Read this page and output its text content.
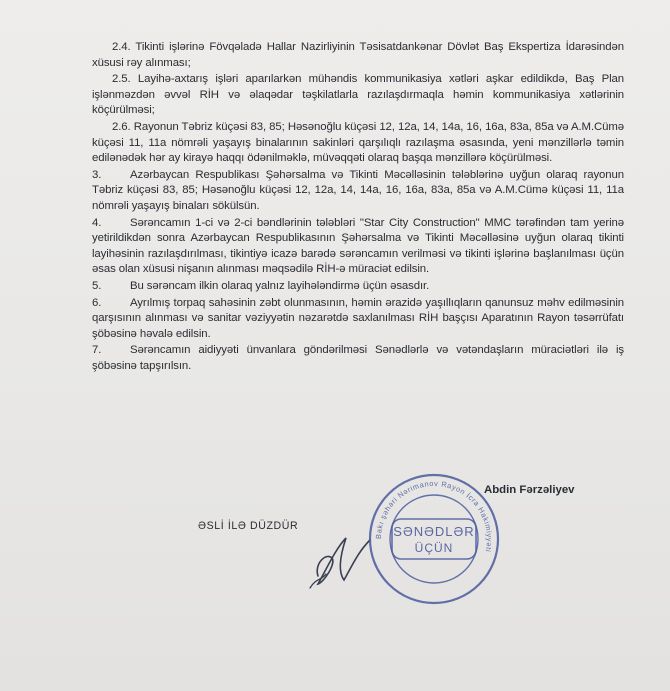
2.4. Tikinti işlərinə Fövqəladə Hallar Nazirliyinin Təsisatdankənar Dövlət Baş Ekspertiza İdarəsindən xüsusi rəy alınması;

2.5. Layihə-axtarış işləri aparılarkən mühəndis kommunikasiya xətləri aşkar edildikdə, Baş Plan işlənməzdən əvvəl RİH və əlaqədar təşkilatlarla razılaşdırmaqla həmin kommunikasiya xətlərinin köçürülməsi;

2.6. Rayonun Təbriz küçəsi 83, 85; Həsənoğlu küçəsi 12, 12a, 14, 14a, 16, 16a, 83a, 85a və A.M.Cümə küçəsi 11, 11a nömrəli yaşayış binalarının sakinləri qarşılıqlı razılaşma əsasında, yeni mənzillərlə təmin edilənədək hər ay kirayə haqqı ödənilməklə, müvəqqəti olaraq başqa mənzillərə köçürülməsi.

3.	Azərbaycan Respublikası Şəhərsalma və Tikinti Məcəlləsinin tələblərinə uyğun olaraq rayonun Təbriz küçəsi 83, 85; Həsənoğlu küçəsi 12, 12a, 14, 14a, 16, 16a, 83a, 85a və A.M.Cümə küçəsi 11, 11a nömrəli yaşayış binaları sökülsün.

4.	Sərəncamın 1-ci və 2-ci bəndlərinin tələbləri "Star City Construction" MMC tərəfindən tam yerinə yetirildikdən sonra Azərbaycan Respublikasının Şəhərsalma və Tikinti Məcəlləsinə uyğun olaraq tikinti layihəsinin razılaşdırılması, tikintiyə icazə barədə sərəncamın verilməsi və tikinti işlərinə başlanılması üçün əsas olan xüsusi nişanın alınması məqsədilə RİH-ə müraciət edilsin.

5.	Bu sərəncam ilkin olaraq yalnız layihələndirmə üçün əsasdır.

6.	Ayrılmış torpaq sahəsinin zəbt olunmasının, həmin ərazidə yaşıllıqların qanunsuz məhv edilməsinin qarşısının alınması və sanitar vəziyyətin nəzarətdə saxlanılması RİH başçısı Aparatının Rayon təsərrüfatı şöbəsinə həvalə edilsin.

7.	Sərəncamın aidiyyəti ünvanlara göndərilməsi Sənədlərlə və vətəndaşların müraciətləri ilə iş şöbəsinə tapşırılsın.

Abdin Fərzəliyev
ƏSLİ İLƏ DÜZDÜR
Bakı şəhəri Nərimanov Rayon İcra Hakimiyyəti
SƏNƏDLƏR
ÜÇÜN
